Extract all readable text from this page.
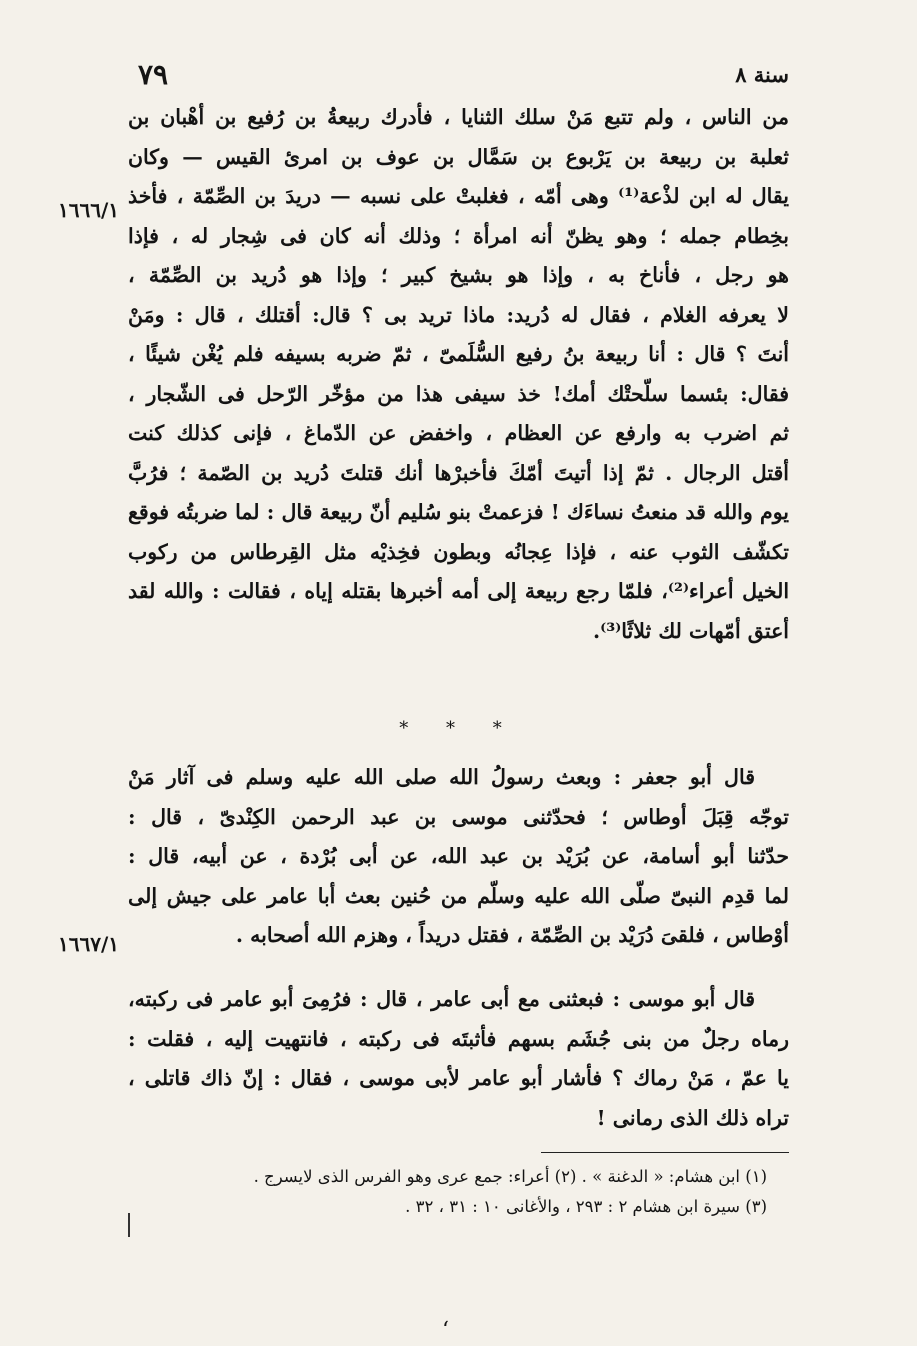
٧٩	سنة ٨
من الناس ، ولم تتبع مَنْ سلك الثنايا ، فأدرك ربيعةُ بن رُفيع بن أهْبان بن
ثعلبة بن ربيعة بن يَرْبوع بن سَمَّال بن عوف بن امرئ القيس — وكان
يقال له ابن لذْعة⁽¹⁾ وهى أمّه ، فغلبتْ على نسبه — دريدَ بن الصِّمّة ، فأخذ
بخِطام جمله ؛ وهو يظنّ أنه امرأة ؛ وذلك أنه كان فى شِجار له ، فإذا
هو رجل ، فأناخ به ، وإذا هو بشيخ كبير ؛ وإذا هو دُريد بن الصِّمّة ،
لا يعرفه الغلام ، فقال له دُريد: ماذا تريد بى ؟ قال: أقتلك ، قال : ومَنْ
أنتَ ؟ قال : أنا ربيعة بنُ رفيع السُّلَمىّ ، ثمّ ضربه بسيفه فلم يُغْن شيئًا ،
فقال: بئسما سلّحتْك أمك! خذ سيفى هذا من مؤخّر الرّحل فى الشّجار ،
ثم اضرب به وارفع عن العظام ، واخفض عن الدّماغ ، فإنى كذلك كنت
أقتل الرجال . ثمّ إذا أتيتَ أمّكَ فأخبرْها أنك قتلتَ دُريد بن الصّمة ؛ فرُبَّ
يوم والله قد منعتُ نساءَك ! فزعمتْ بنو سُليم أنّ ربيعة قال : لما ضربتُه فوقع
تكشّف الثوب عنه ، فإذا عِجانُه وبطون فخِذيْه مثل القِرطاس من ركوب
الخيل أعراء⁽²⁾، فلمّا رجع ربيعة إلى أمه أخبرها بقتله إياه ، فقالت : والله لقد
أعتق أمّهات لك ثلاثًا⁽³⁾.
١٦٦٦/١
* * *
قال أبو جعفر : وبعث رسولُ الله صلى الله عليه وسلم فى آثار مَنْ
توجّه قِبَلَ أوطاس ؛ فحدّثنى موسى بن عبد الرحمن الكِنْدىّ ، قال :
حدّثنا أبو أسامة، عن بُرَيْد بن عبد الله، عن أبى بُرْدة ، عن أبيه، قال :
لما قدِم النبىّ صلّى الله عليه وسلّم من حُنين بعث أبا عامر على جيش إلى
أوْطاس ، فلقىَ دُرَيْد بن الصِّمّة ، فقتل دريداً ، وهزم الله أصحابه .
١٦٦٧/١
قال أبو موسى : فبعثنى مع أبى عامر ، قال : فرُمِىَ أبو عامر فى ركبته،
رماه رجلٌ من بنى جُشَم بسهم فأثبتَه فى ركبته ، فانتهيت إليه ، فقلت :
يا عمّ ، مَنْ رماك ؟ فأشار أبو عامر لأبى موسى ، فقال : إنّ ذاك قاتلى ،
تراه ذلك الذى رمانى !
(١) ابن هشام: « الدغنة » . (٢) أعراء: جمع عرى وهو الفرس الذى لايسرج .
(٣) سيرة ابن هشام ٢ : ٢٩٣ ، والأغانى ١٠ : ٣١ ، ٣٢ .
ʻ
